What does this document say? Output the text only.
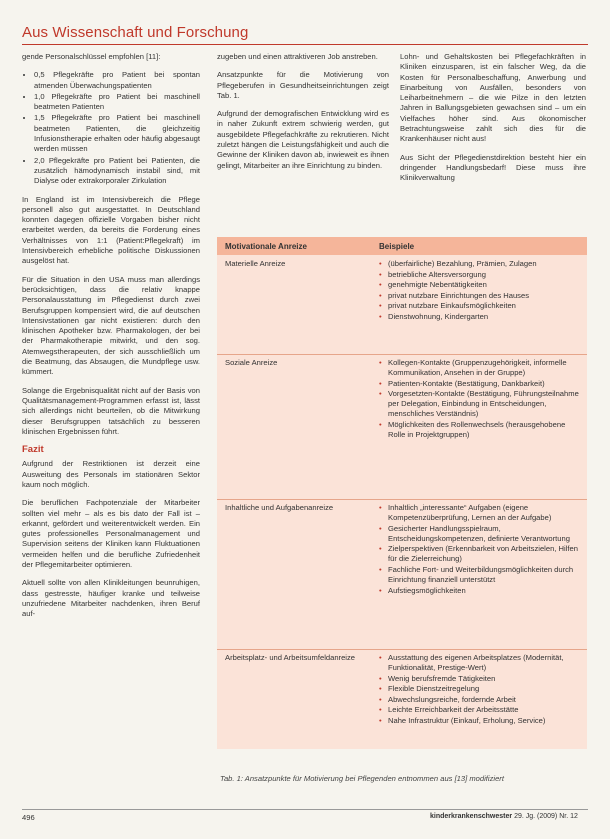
Aus Wissenschaft und Forschung

gende Personalschlüssel empfohlen [11]:

• 0,5 Pflegekräfte pro Patient bei spontan atmenden Überwachungspatienten
• 1,0 Pflegekräfte pro Patient bei maschinell beatmeten Patienten
• 1,5 Pflegekräfte pro Patient bei maschinell beatmeten Patienten, die gleichzeitig Infusionstherapie erhalten oder häufig abgesaugt werden müssen
• 2,0 Pflegekräfte pro Patient bei Patienten, die zusätzlich hämodynamisch instabil sind, mit Dialyse oder extrakorporaler Zirkulation

In England ist im Intensivbereich die Pflege personell also gut ausgestattet. In Deutschland konnten dagegen offizielle Vorgaben bisher nicht erarbeitet werden, da bereits die Forderung eines Verhältnisses von 1:1 (Patient:Pflegekraft) im Intensivbereich erhebliche politische Diskussionen ausgelöst hat.

Für die Situation in den USA muss man allerdings berücksichtigen, dass die relativ knappe Personalausstattung im Pflegedienst durch zwei Berufsgruppen kompensiert wird, die auf deutschen Intensivstationen gar nicht existieren: durch den klinischen Apotheker bzw. Pharmakologen, der bei der Pharmakotherapie mitwirkt, und den sog. Atemwegstherapeuten, der sich ausschließlich um die Beatmung, das Absaugen, die Mundpflege usw. kümmert.

Solange die Ergebnisqualität nicht auf der Basis von Qualitätsmanagement-Programmen erfasst ist, lässt sich allerdings nicht beurteilen, ob die Mitwirkung dieser Berufsgruppen tatsächlich zu besseren klinischen Ergebnissen führt.

Fazit

Aufgrund der Restriktionen ist derzeit eine Ausweitung des Personals im stationären Sektor kaum noch möglich.

Die beruflichen Fachpotenziale der Mitarbeiter sollten viel mehr – als es bis dato der Fall ist – erkannt, gefördert und weiterentwickelt werden. Ein gutes professionelles Personalmanagement und Supervision seitens der Kliniken kann Fluktuationen vermeiden helfen und die berufliche Zufriedenheit der Pflegemitarbeiter optimieren.

Aktuell sollte von allen Klinikleitungen beunruhigen, dass gestresste, häufiger kranke und teilweise unzufriedene Mitarbeiter nachdenken, ihren Beruf auf-

zugeben und einen attraktiveren Job anstreben.

Ansatzpunkte für die Motivierung von Pflegeberufen in Gesundheitseinrichtungen zeigt Tab. 1.

Aufgrund der demografischen Entwicklung wird es in naher Zukunft extrem schwierig werden, gut ausgebildete Pflegefachkräfte zu rekrutieren. Nicht zuletzt hängen die Leistungsfähigkeit und auch die Gewinne der Kliniken davon ab, inwieweit es ihnen gelingt, Mitarbeiter an ihre Einrichtung zu binden.

Lohn- und Gehaltskosten bei Pflegefachkräften in Kliniken einzusparen, ist ein falscher Weg, da die Kosten für Personalbeschaffung, Anwerbung und Einarbeitung von Ausfällen, besonders von Leiharbeitnehmern – die wie Pilze in den letzten Jahren in Ballungsgebieten gewachsen sind – um ein Vielfaches höher sind. Aus ökonomischer Betrachtungsweise zahlt sich dies für die Krankenhäuser nicht aus!

Aus Sicht der Pflegedienstdirektion besteht hier ein dringender Handlungsbedarf! Diese muss ihre Klinikverwaltung

Motivationale Anreize	Beispiele
Materielle Anreize	• (überfairliche) Bezahlung, Prämien, Zulagen
• betriebliche Altersversorgung
• genehmigte Nebentätigkeiten
• privat nutzbare Einrichtungen des Hauses
• privat nutzbare Einkaufsmöglichkeiten
• Dienstwohnung, Kindergarten
Soziale Anreize	• Kollegen-Kontakte (Gruppenzugehörigkeit, informelle Kommunikation, Ansehen in der Gruppe)
• Patienten-Kontakte (Bestätigung, Dankbarkeit)
• Vorgesetzten-Kontakte (Bestätigung, Führungsteilnahme per Delegation, Einbindung in Entscheidungen, menschliches Verständnis)
• Möglichkeiten des Rollenwechsels (herausgehobene Rolle in Projektgruppen)
Inhaltliche und Aufgabenanreize	• Inhaltlich „interessante“ Aufgaben (eigene Kompetenzüberprüfung, Lernen an der Aufgabe)
• Gesicherter Handlungsspielraum, Entscheidungskompetenzen, definierte Verantwortung
• Zielperspektiven (Erkennbarkeit von Arbeitszielen, Hilfen für die Zielerreichung)
• Fachliche Fort- und Weiterbildungsmöglichkeiten durch Einrichtung finanziell unterstützt
• Aufstiegsmöglichkeiten
Arbeitsplatz- und Arbeitsumfeldanreize	• Ausstattung des eigenen Arbeitsplatzes (Modernität, Funktionalität, Prestige-Wert)
• Wenig berufsfremde Tätigkeiten
• Flexible Dienstzeitregelung
• Abwechslungsreiche, fordernde Arbeit
• Leichte Erreichbarkeit der Arbeitsstätte
• Nahe Infrastruktur (Einkauf, Erholung, Service)
Tab. 1: Ansatzpunkte für Motivierung bei Pflegenden entnommen aus [13] modifiziert
496	kinderkrankenschwester 29. Jg. (2009) Nr. 12
